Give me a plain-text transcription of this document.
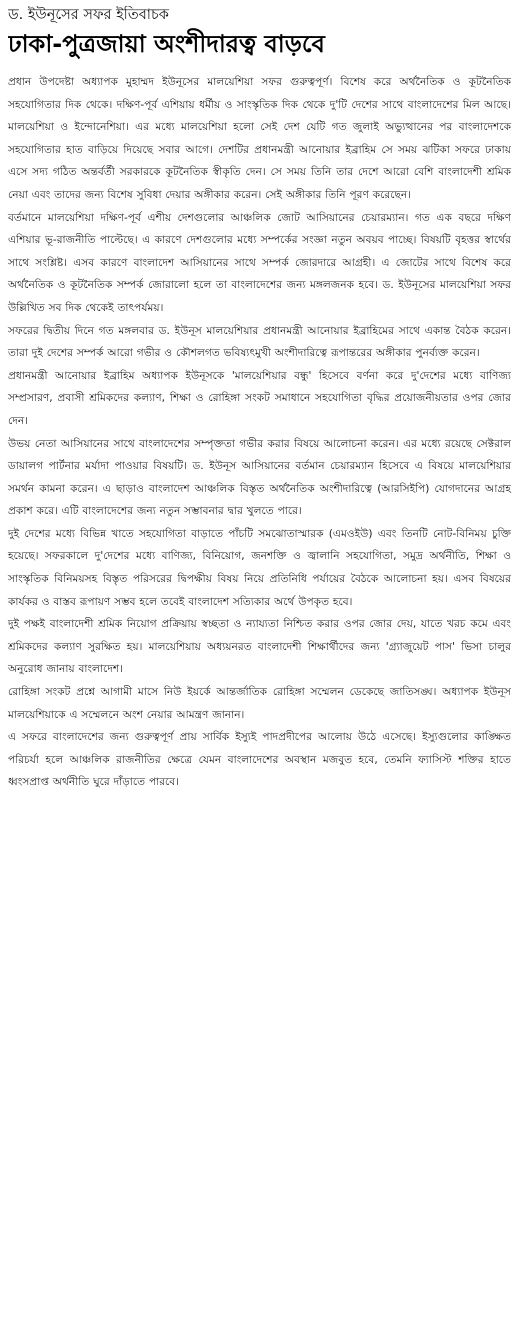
ড. ইউনূসের সফর ইতিবাচক
ঢাকা-পুত্রজায়া অংশীদারত্ব বাড়বে

প্রধান উপদেষ্টা অধ্যাপক মুহাম্মদ ইউনূসের মালয়েশিয়া সফর গুরুত্বপূর্ণ। বিশেষ করে অর্থনৈতিক ও কূটনৈতিক সহযোগিতার দিক থেকে। দক্ষিণ-পূর্ব এশিয়ায় ধর্মীয় ও সাংস্কৃতিক দিক থেকে দু'টি দেশের সাথে বাংলাদেশের মিল আছে। মালয়েশিয়া ও ইন্দোনেশিয়া। এর মধ্যে মালয়েশিয়া হলো সেই দেশ যেটি গত জুলাই অভ্যুত্থানের পর বাংলাদেশকে সহযোগিতার হাত বাড়িয়ে দিয়েছে সবার আগে। দেশটির প্রধানমন্ত্রী আনোয়ার ইব্রাহিম সে সময় ঝটিকা সফরে ঢাকায় এসে সদ্য গঠিত অন্তর্বর্তী সরকারকে কূটনৈতিক স্বীকৃতি দেন। সে সময় তিনি তার দেশে আরো বেশি বাংলাদেশী শ্রমিক নেয়া এবং তাদের জন্য বিশেষ সুবিধা দেয়ার অঙ্গীকার করেন। সেই অঙ্গীকার তিনি পূরণ করেছেন।

বর্তমানে মালয়েশিয়া দক্ষিণ-পূর্ব এশীয় দেশগুলোর আঞ্চলিক জোট আসিয়ানের চেয়ারম্যান। গত এক বছরে দক্ষিণ এশিয়ার ভূ-রাজনীতি পাল্টেছে। এ কারণে দেশগুলোর মধ্যে সম্পর্কের সংজ্ঞা নতুন অবয়ব পাচ্ছে। বিষয়টি বৃহত্তর স্বার্থের সাথে সংশ্লিষ্ট। এসব কারণে বাংলাদেশ আসিয়ানের সাথে সম্পর্ক জোরদারে আগ্রহী। এ জোটের সাথে বিশেষ করে অর্থনৈতিক ও কূটনৈতিক সম্পর্ক জোরালো হলে তা বাংলাদেশের জন্য মঙ্গলজনক হবে। ড. ইউনূসের মালয়েশিয়া সফর উল্লিখিত সব দিক থেকেই তাৎপর্যময়।

সফরের দ্বিতীয় দিনে গত মঙ্গলবার ড. ইউনূস মালয়েশিয়ার প্রধানমন্ত্রী আনোয়ার ইব্রাহিমের সাথে একান্ত বৈঠক করেন। তারা দুই দেশের সম্পর্ক আরো গভীর ও কৌশলগত ভবিষ্যৎমুখী অংশীদারিত্বে রূপান্তরের অঙ্গীকার পুনর্ব্যক্ত করেন।

প্রধানমন্ত্রী আনোয়ার ইব্রাহিম অধ্যাপক ইউনূসকে 'মালয়েশিয়ার বন্ধু' হিসেবে বর্ণনা করে দু'দেশের মধ্যে বাণিজ্য সম্প্রসারণ, প্রবাসী শ্রমিকদের কল্যাণ, শিক্ষা ও রোহিঙ্গা সংকট সমাধানে সহযোগিতা বৃদ্ধির প্রয়োজনীয়তার ওপর জোর দেন।

উভয় নেতা আসিয়ানের সাথে বাংলাদেশের সম্পৃক্ততা গভীর করার বিষয়ে আলোচনা করেন। এর মধ্যে রয়েছে সেক্টরাল ডায়ালগ পার্টনার মর্যাদা পাওয়ার বিষয়টি। ড. ইউনূস আসিয়ানের বর্তমান চেয়ারম্যান হিসেবে এ বিষয়ে মালয়েশিয়ার সমর্থন কামনা করেন। এ ছাড়াও বাংলাদেশ আঞ্চলিক বিস্তৃত অর্থনৈতিক অংশীদারিত্বে (আরসিইপি) যোগদানের আগ্রহ প্রকাশ করে। এটি বাংলাদেশের জন্য নতুন সম্ভাবনার দ্বার খুলতে পারে।

দুই দেশের মধ্যে বিভিন্ন খাতে সহযোগিতা বাড়াতে পাঁচটি সমঝোতাস্মারক (এমওইউ) এবং তিনটি নোট-বিনিময় চুক্তি হয়েছে। সফরকালে দু'দেশের মধ্যে বাণিজ্য, বিনিয়োগ, জনশক্তি ও জ্বালানি সহযোগিতা, সমুদ্র অর্থনীতি, শিক্ষা ও সাংস্কৃতিক বিনিময়সহ বিস্তৃত পরিসরের দ্বিপক্ষীয় বিষয় নিয়ে প্রতিনিধি পর্যায়ের বৈঠকে আলোচনা হয়। এসব বিষয়ের কার্যকর ও বাস্তব রূপায়ণ সম্ভব হলে তবেই বাংলাদেশ সত্যিকার অর্থে উপকৃত হবে।

দুই পক্ষই বাংলাদেশী শ্রমিক নিয়োগ প্রক্রিয়ায় স্বচ্ছতা ও ন্যায্যতা নিশ্চিত করার ওপর জোর দেয়, যাতে খরচ কমে এবং শ্রমিকদের কল্যাণ সুরক্ষিত হয়। মালয়েশিয়ায় অধ্যয়নরত বাংলাদেশী শিক্ষার্থীদের জন্য 'গ্র্যাজুয়েট পাস' ভিসা চালুর অনুরোধ জানায় বাংলাদেশ।

রোহিঙ্গা সংকট প্রশ্নে আগামী মাসে নিউ ইয়র্কে আন্তর্জাতিক রোহিঙ্গা সম্মেলন ডেকেছে জাতিসঙ্ঘ। অধ্যাপক ইউনূস মালয়েশিয়াকে এ সম্মেলনে অংশ নেয়ার আমন্ত্রণ জানান।

এ সফরে বাংলাদেশের জন্য গুরুত্বপূর্ণ প্রায় সার্বিক ইস্যুই পাদপ্রদীপের আলোয় উঠে এসেছে। ইস্যুগুলোর কাঙ্ক্ষিত পরিচর্যা হলে আঞ্চলিক রাজনীতির ক্ষেত্রে যেমন বাংলাদেশের অবস্থান মজবুত হবে, তেমনি ফ্যাসিস্ট শক্তির হাতে ধ্বংসপ্রাপ্ত অর্থনীতি ঘুরে দাঁড়াতে পারবে।
